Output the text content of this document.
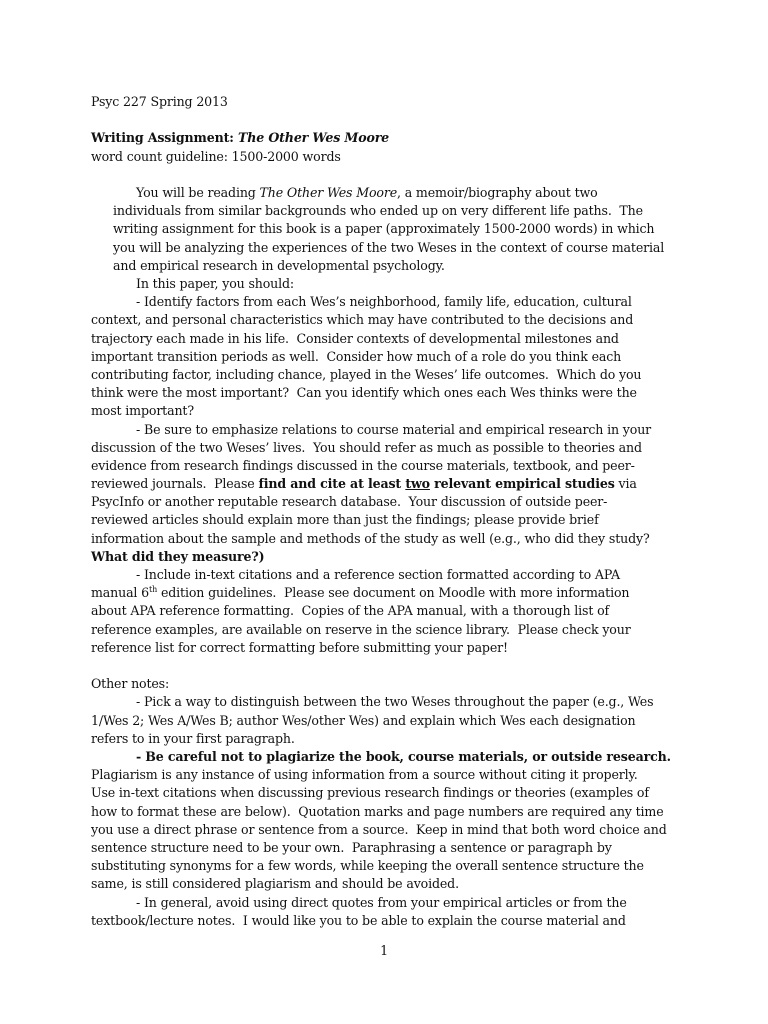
Psyc 227 Spring 2013
Writing Assignment: The Other Wes Moore
word count guideline: 1500-2000 words
You will be reading The Other Wes Moore, a memoir/biography about two
individuals from similar backgrounds who ended up on very different life paths.  The
writing assignment for this book is a paper (approximately 1500-2000 words) in which
you will be analyzing the experiences of the two Weses in the context of course material
and empirical research in developmental psychology.
In this paper, you should:
- Identify factors from each Wes’s neighborhood, family life, education, cultural
context, and personal characteristics which may have contributed to the decisions and
trajectory each made in his life.  Consider contexts of developmental milestones and
important transition periods as well.  Consider how much of a role do you think each
contributing factor, including chance, played in the Weses’ life outcomes.  Which do you
think were the most important?  Can you identify which ones each Wes thinks were the
most important?
- Be sure to emphasize relations to course material and empirical research in your
discussion of the two Weses’ lives.  You should refer as much as possible to theories and
evidence from research findings discussed in the course materials, textbook, and peer-
reviewed journals.  Please find and cite at least two relevant empirical studies via
PsycInfo or another reputable research database.  Your discussion of outside peer-
reviewed articles should explain more than just the findings; please provide brief
information about the sample and methods of the study as well (e.g., who did they study?
What did they measure?)
- Include in-text citations and a reference section formatted according to APA
manual 6th edition guidelines.  Please see document on Moodle with more information
about APA reference formatting.  Copies of the APA manual, with a thorough list of
reference examples, are available on reserve in the science library.  Please check your
reference list for correct formatting before submitting your paper!
Other notes:
- Pick a way to distinguish between the two Weses throughout the paper (e.g., Wes
1/Wes 2; Wes A/Wes B; author Wes/other Wes) and explain which Wes each designation
refers to in your first paragraph.
- Be careful not to plagiarize the book, course materials, or outside research.
Plagiarism is any instance of using information from a source without citing it properly.
Use in-text citations when discussing previous research findings or theories (examples of
how to format these are below).  Quotation marks and page numbers are required any time
you use a direct phrase or sentence from a source.  Keep in mind that both word choice and
sentence structure need to be your own.  Paraphrasing a sentence or paragraph by
substituting synonyms for a few words, while keeping the overall sentence structure the
same, is still considered plagiarism and should be avoided.
- In general, avoid using direct quotes from your empirical articles or from the
textbook/lecture notes.  I would like you to be able to explain the course material and
1
